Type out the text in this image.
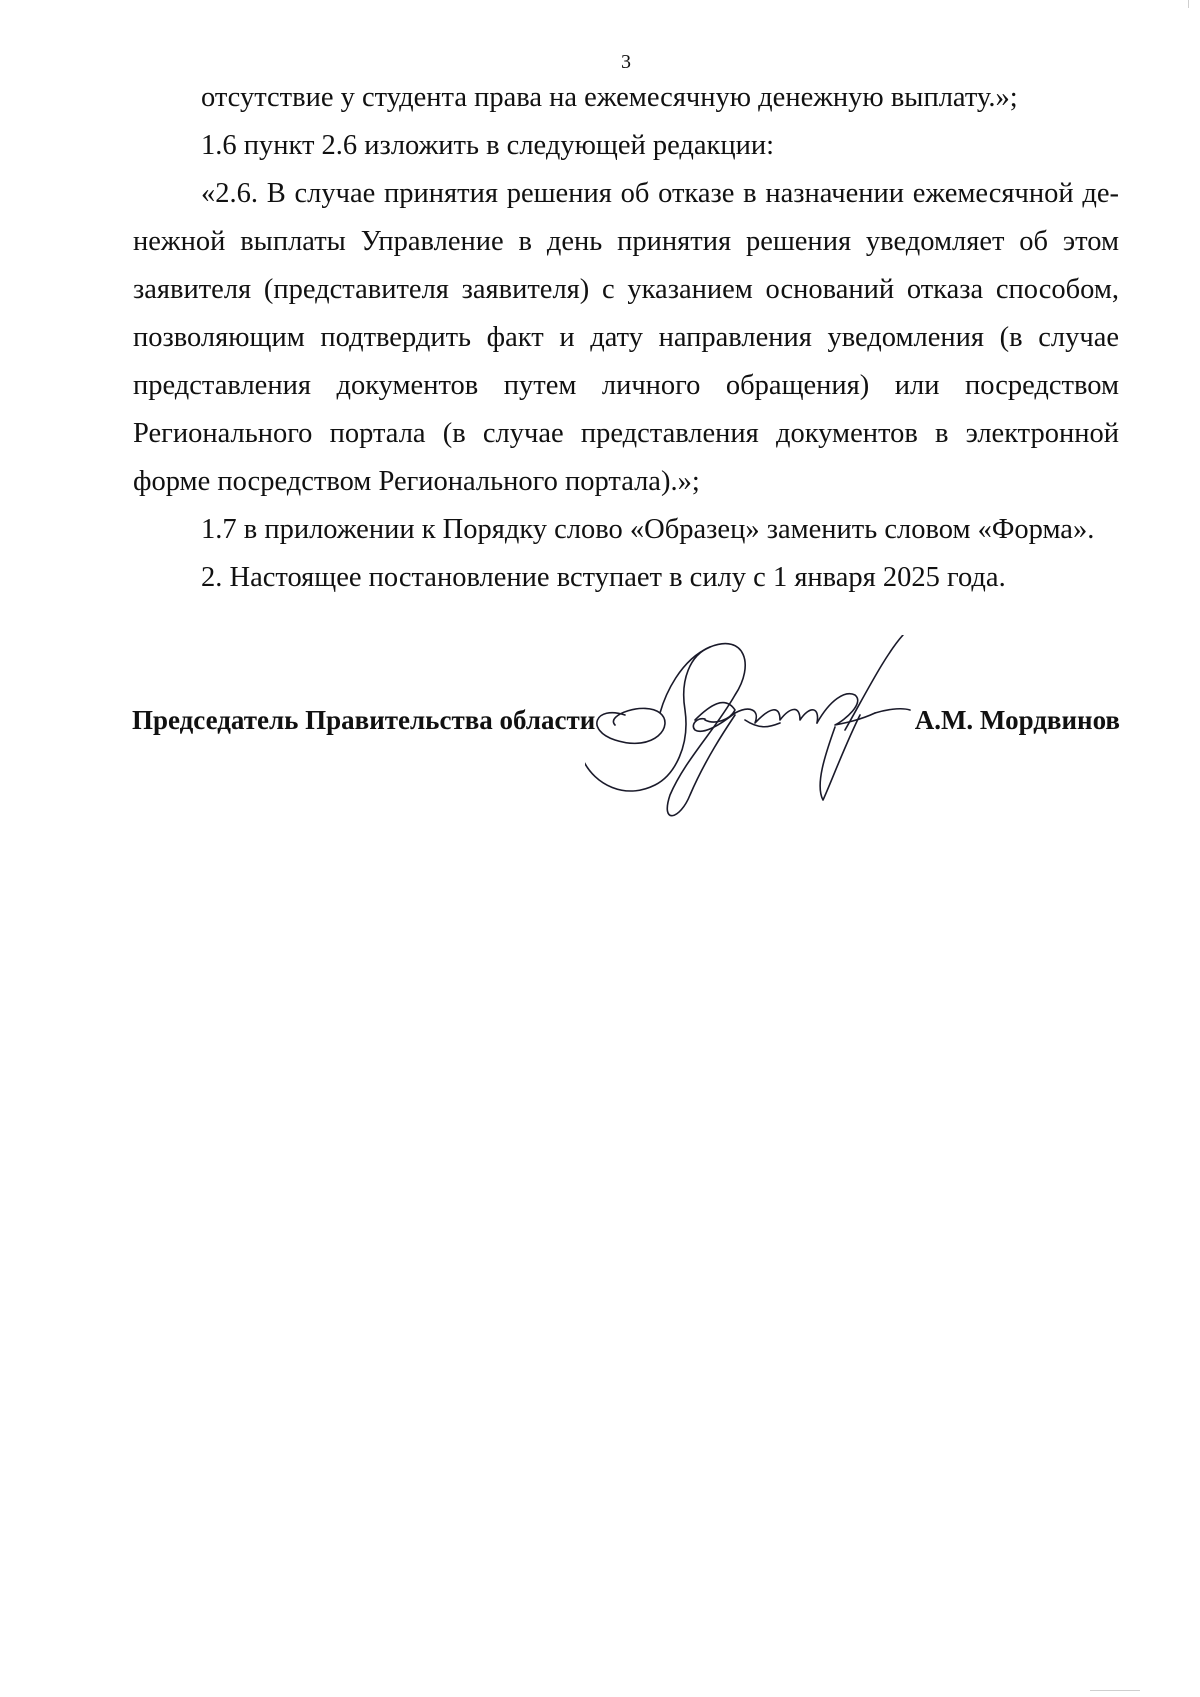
3

отсутствие у студента права на ежемесячную денежную выплату.»;

1.6 пункт 2.6 изложить в следующей редакции:

«2.6. В случае принятия решения об отказе в назначении ежемесячной де-
нежной выплаты Управление в день принятия решения уведомляет об этом заявителя (представителя заявителя) с указанием оснований отказа способом, позволяющим подтвердить факт и дату направления уведомления (в случае представления документов путем личного обращения) или посредством Регионального портала (в случае представления документов в электронной форме посредством Регионального портала).»;

1.7 в приложении к Порядку слово «Образец» заменить словом «Форма».

2. Настоящее постановление вступает в силу с 1 января 2025 года.

Председатель Правительства области	А.М. Мордвинов
